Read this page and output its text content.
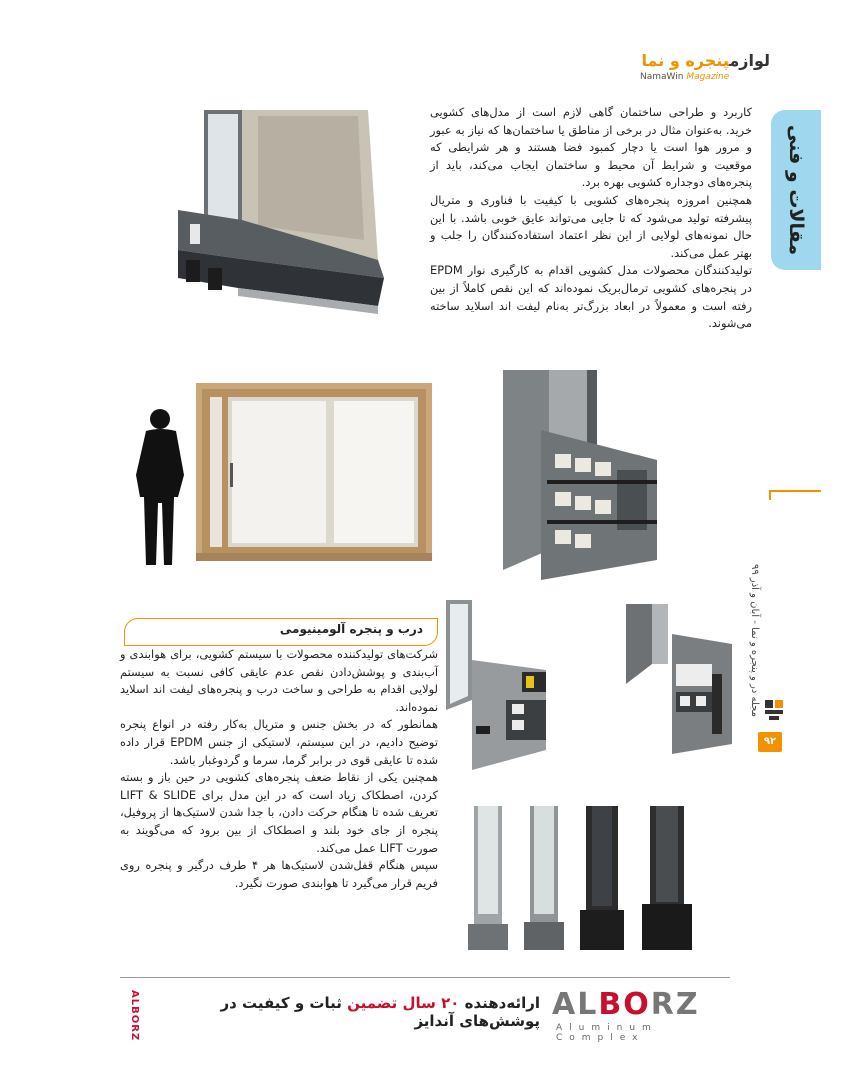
لوازمپنجره و نما
NamaWin Magazine
مقالات و فنی
مجله در و پنجره و نما - آبان و آذر ۹۹
۹۲

کاربرد و طراحی ساختمان گاهی لازم است از مدل‌های کشویی خرید. به‌عنوان مثال در برخی از مناطق یا ساختمان‌ها که نیاز به عبور و مرور هوا است یا دچار کمبود فضا هستند و هر شرایطی که موقعیت و شرایط آن محیط و ساختمان ایجاب می‌کند، باید از پنجره‌های دوجداره کشویی بهره برد.

همچنین امروزه پنجره‌های کشویی با کیفیت با فناوری و متریال پیشرفته تولید می‌شود که تا جایی می‌تواند عایق خوبی باشد. با این حال نمونه‌های لولایی از این نظر اعتماد استفاده‌کنندگان را جلب و بهتر عمل می‌کند.

تولیدکنندگان محصولات مدل کشویی اقدام به کارگیری نوار EPDM در پنجره‌های کشویی ترمال‌بریک نموده‌اند که این نقص کاملاً از بین رفته است و معمولاً در ابعاد بزرگ‌تر به‌نام لیفت اند اسلاید ساخته می‌شوند.

درب و پنجره آلومینیومی

شرکت‌های تولیدکننده محصولات با سیستم کشویی، برای هوابندی و آب‌بندی و پوشش‌دادن نقص عدم عایقی کافی نسبت به سیستم لولایی اقدام به طراحی و ساخت درب و پنجره‌های لیفت اند اسلاید نموده‌اند.

همانطور که در بخش جنس و متریال به‌کار رفته در انواع پنجره توضیح دادیم، در این سیستم، لاستیکی از جنس EPDM قرار داده شده تا عایقی قوی در برابر گرما، سرما و گردوغبار باشد.

همچنین یکی از نقاط ضعف پنجره‌های کشویی در حین باز و بسته کردن، اصطکاک زیاد است که در این مدل برای LIFT & SLIDE تعریف شده تا هنگام حرکت دادن، با جدا شدن لاستیک‌ها از پروفیل، پنجره از جای خود بلند و اصطکاک از بین برود که می‌گویند به صورت LIFT عمل می‌کند.

سپس هنگام قفل‌شدن لاستیک‌ها هر ۴ طرف درگیر و پنجره روی فریم قرار می‌گیرد تا هوابندی صورت نگیرد.

ALBORZ	ارائه‌دهنده ۲۰ سال تضمین ثبات و کیفیت در پوشش‌های آندایز ALBORZ
Aluminum Complex
